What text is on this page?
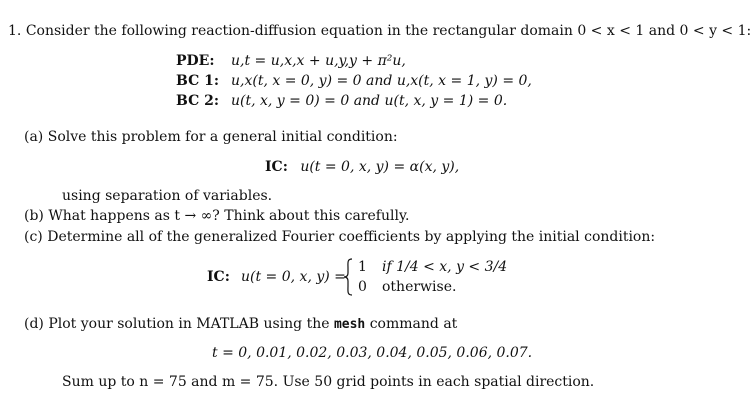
1. Consider the following reaction-diffusion equation in the rectangular domain 0 < x < 1 and 0 < y < 1:
PDE: u,t = u,x,x + u,y,y + π²u,
BC 1: u,x(t, x = 0, y) = 0 and u,x(t, x = 1, y) = 0,
BC 2: u(t, x, y = 0) = 0 and u(t, x, y = 1) = 0.
(a) Solve this problem for a general initial condition:
IC: u(t = 0, x, y) = α(x, y),
using separation of variables.
(b) What happens as t → ∞? Think about this carefully.
(c) Determine all of the generalized Fourier coefficients by applying the initial condition:
IC: u(t = 0, x, y) =
1 if 1/4 < x, y < 3/4
0 otherwise.
(d) Plot your solution in MATLAB using the mesh command at
t = 0, 0.01, 0.02, 0.03, 0.04, 0.05, 0.06, 0.07.
Sum up to n = 75 and m = 75. Use 50 grid points in each spatial direction.
